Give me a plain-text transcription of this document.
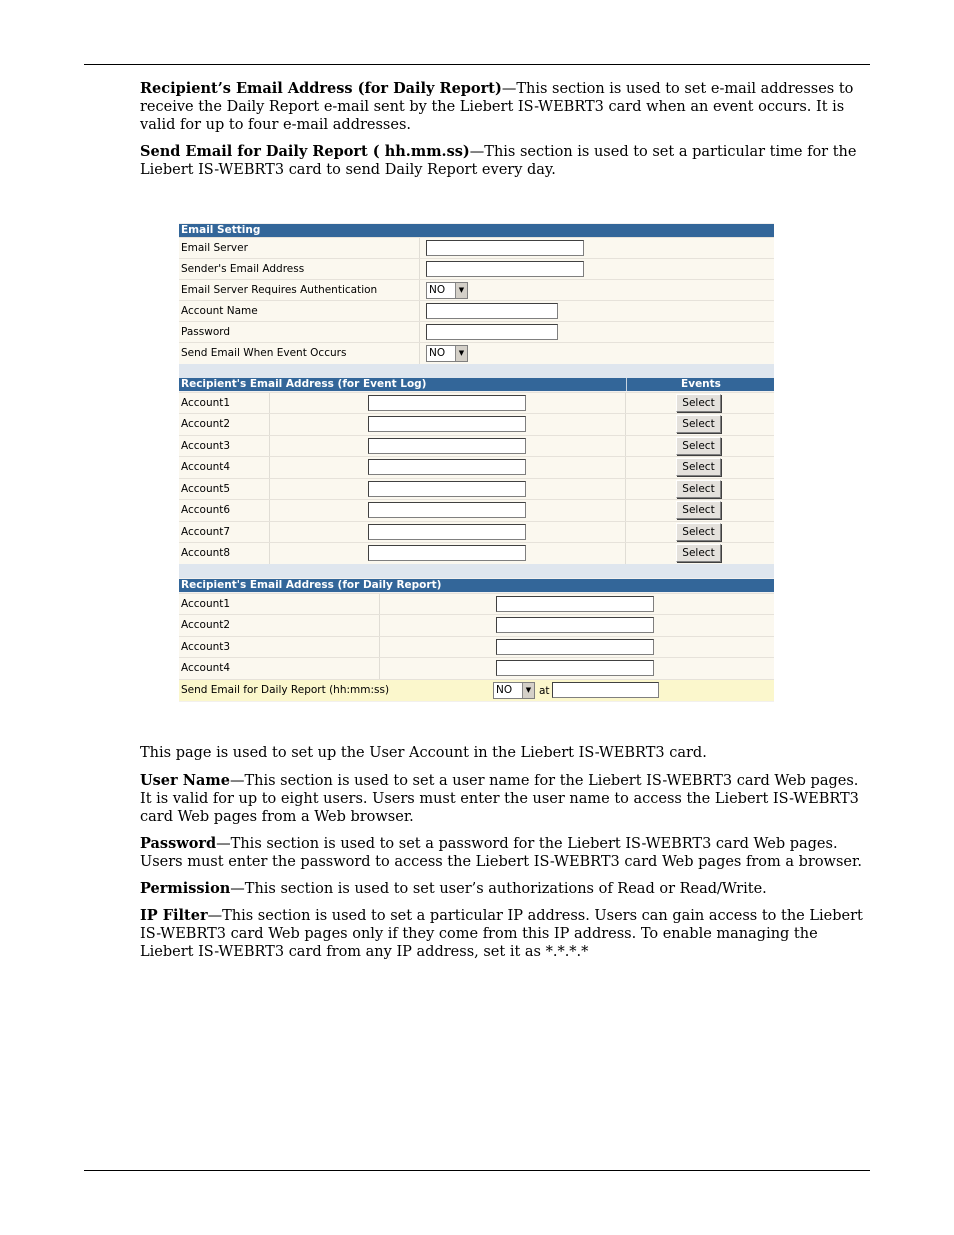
Recipient’s Email Address (for Daily Report)—This section is used to set e-mail addresses to receive the Daily Report e-mail sent by the Liebert IS-WEBRT3 card when an event occurs. It is valid for up to four e-mail addresses.

Send Email for Daily Report ( hh.mm.ss)—This section is used to set a particular time for the Liebert IS-WEBRT3 card to send Daily Report every day.

Email Setting
Email Server
Sender's Email Address
Email Server Requires Authentication	NO	▼
Account Name
Password
Send Email When Event Occurs	NO	▼
Recipient's Email Address (for Event Log)	Events
Account1	Select
Account2	Select
Account3	Select
Account4	Select
Account5	Select
Account6	Select
Account7	Select
Account8	Select
Recipient's Email Address (for Daily Report)
Account1
Account2
Account3
Account4
Send Email for Daily Report (hh:mm:ss)	NO	▼ at

This page is used to set up the User Account in the Liebert IS-WEBRT3 card.

User Name—This section is used to set a user name for the Liebert IS-WEBRT3 card Web pages. It is valid for up to eight users. Users must enter the user name to access the Liebert IS-WEBRT3 card Web pages from a Web browser.

Password—This section is used to set a password for the Liebert IS-WEBRT3 card Web pages. Users must enter the password to access the Liebert IS-WEBRT3 card Web pages from a browser.

Permission—This section is used to set user’s authorizations of Read or Read/Write.

IP Filter—This section is used to set a particular IP address. Users can gain access to the Liebert IS-WEBRT3 card Web pages only if they come from this IP address. To enable managing the Liebert IS-WEBRT3 card from any IP address, set it as *.*.*.*
